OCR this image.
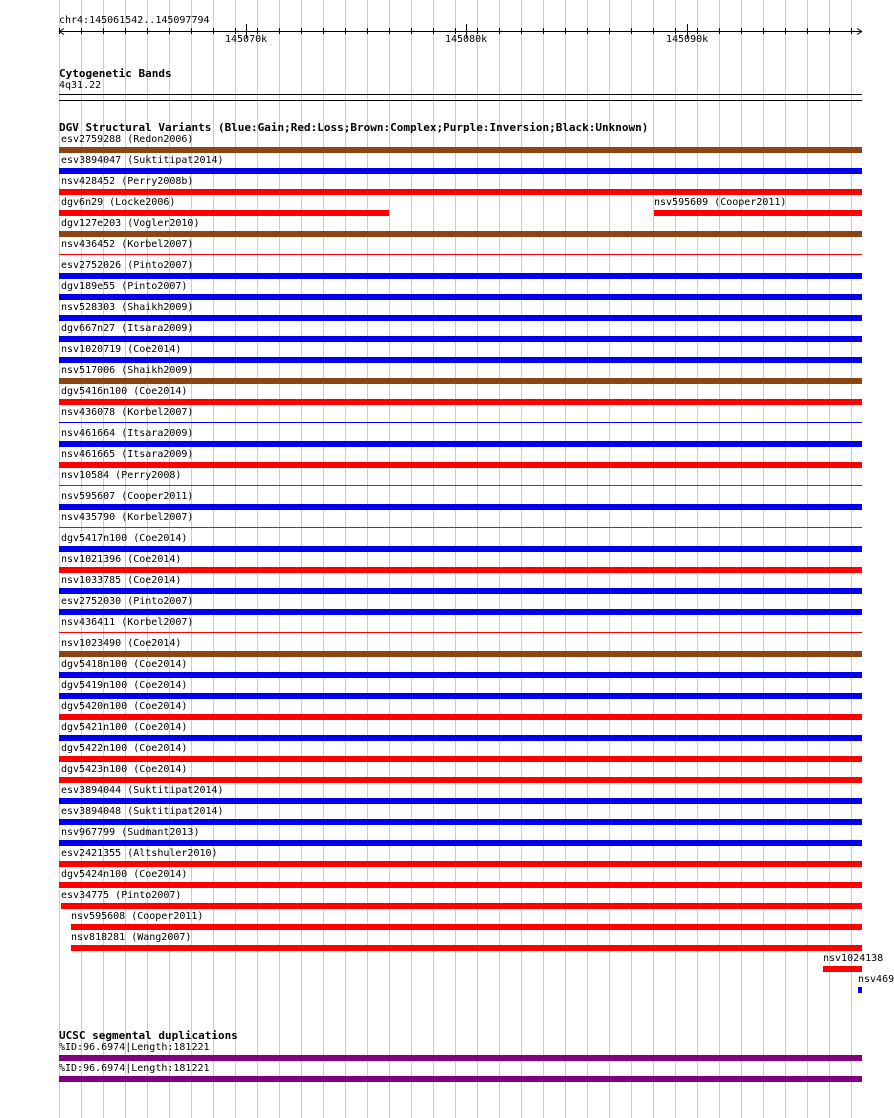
chr4:145061542..145097794
145070k	145080k	145090k
Cytogenetic Bands
4q31.22
DGV Structural Variants (Blue:Gain;Red:Loss;Brown:Complex;Purple:Inversion;Black:Unknown)
UCSC segmental duplications
esv2759288 (Redon2006)
esv3894047 (Suktitipat2014)
nsv428452 (Perry2008b)
dgv6n29 (Locke2006)	nsv595609 (Cooper2011)
dgv127e203 (Vogler2010)
nsv436452 (Korbel2007)
esv2752026 (Pinto2007)
dgv189e55 (Pinto2007)
nsv528303 (Shaikh2009)
dgv667n27 (Itsara2009)
nsv1020719 (Coe2014)
nsv517006 (Shaikh2009)
dgv5416n100 (Coe2014)
nsv436078 (Korbel2007)
nsv461664 (Itsara2009)
nsv461665 (Itsara2009)
nsv10584 (Perry2008)
nsv595607 (Cooper2011)
nsv435790 (Korbel2007)
dgv5417n100 (Coe2014)
nsv1021396 (Coe2014)
nsv1033785 (Coe2014)
esv2752030 (Pinto2007)
nsv436411 (Korbel2007)
nsv1023490 (Coe2014)
dgv5418n100 (Coe2014)
dgv5419n100 (Coe2014)
dgv5420n100 (Coe2014)
dgv5421n100 (Coe2014)
dgv5422n100 (Coe2014)
dgv5423n100 (Coe2014)
esv3894044 (Suktitipat2014)
esv3894048 (Suktitipat2014)
nsv967799 (Sudmant2013)
esv2421355 (Altshuler2010)
dgv5424n100 (Coe2014)
esv34775 (Pinto2007)
nsv595608 (Cooper2011)
nsv818281 (Wang2007)
nsv1024138
nsv469
%ID:96.6974|Length:181221
%ID:96.6974|Length:181221
